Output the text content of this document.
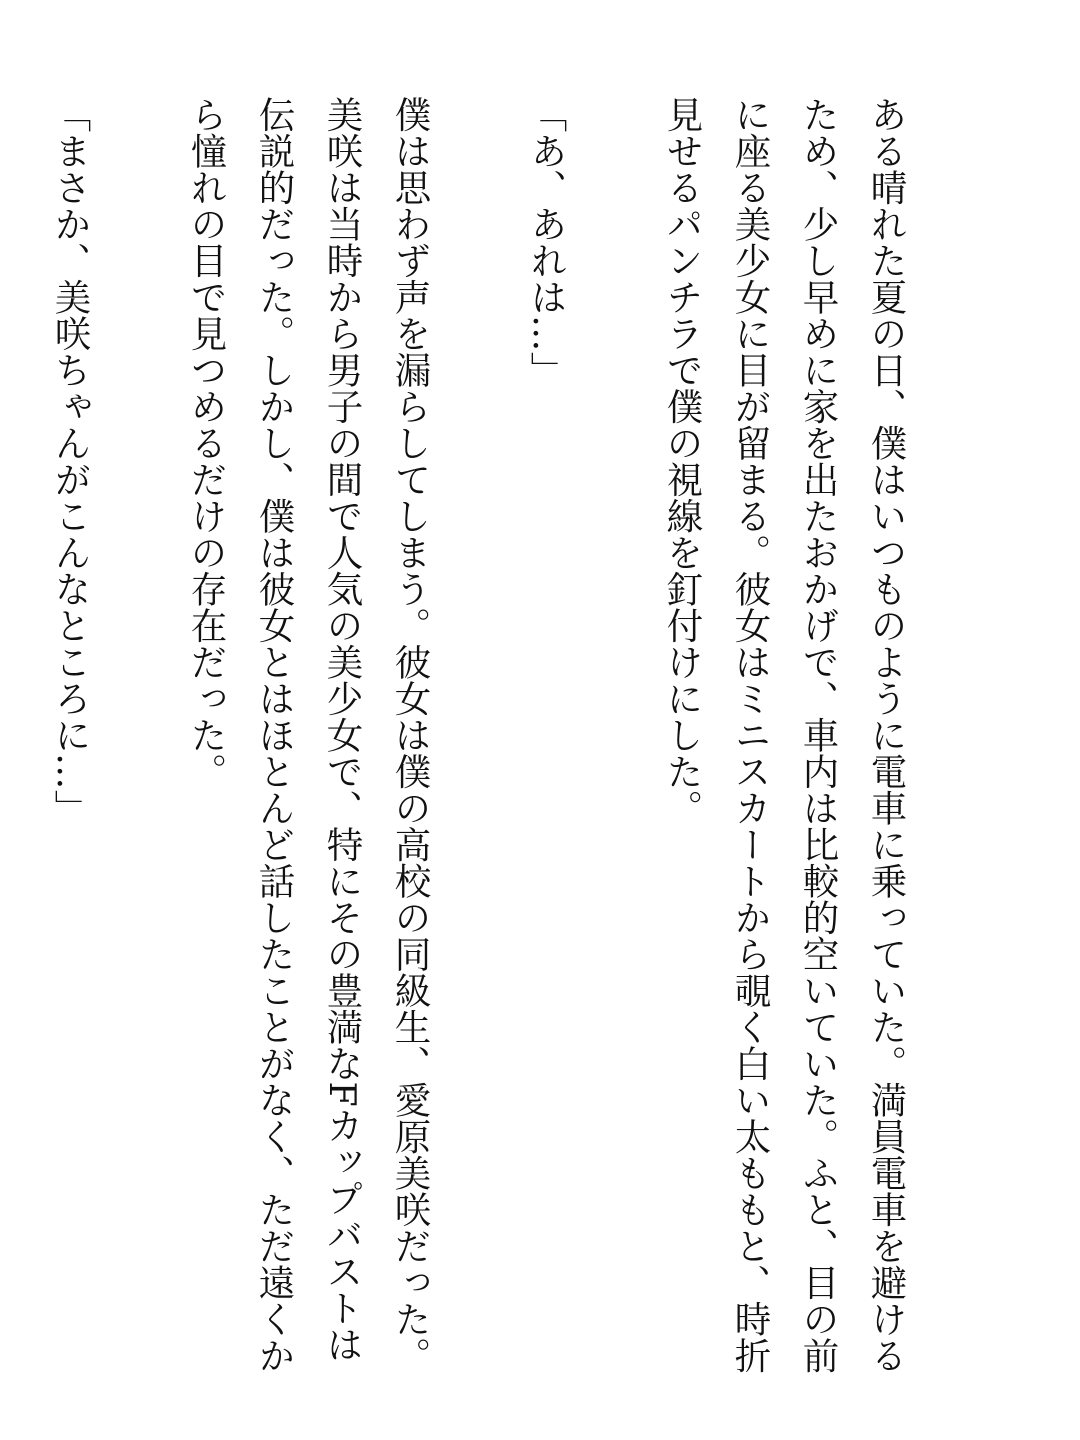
ある晴れた夏の日、僕はいつものように電車に乗っていた。満員電車を避けるため、少し早めに家を出たおかげで、車内は比較的空いていた。ふと、目の前に座る美少女に目が留まる。彼女はミニスカートから覗く白い太ももと、時折見せるパンチラで僕の視線を釘付けにした。

「あ、あれは…」

僕は思わず声を漏らしてしまう。彼女は僕の高校の同級生、愛原美咲だった。美咲は当時から男子の間で人気の美少女で、特にその豊満なFカップバストは伝説的だった。しかし、僕は彼女とはほとんど話したことがなく、ただ遠くから憧れの目で見つめるだけの存在だった。

「まさか、美咲ちゃんがこんなところに…」
